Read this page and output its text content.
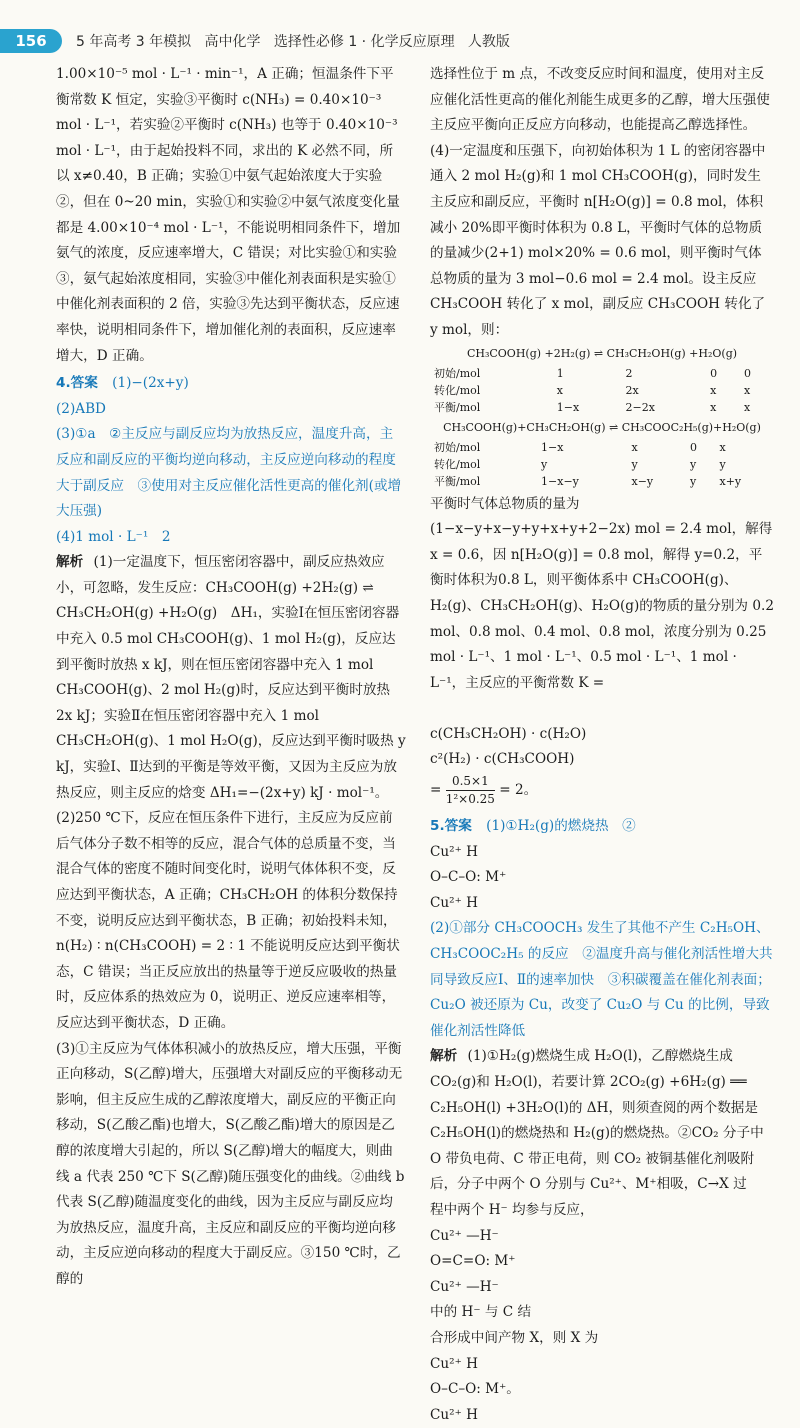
156	5 年高考 3 年模拟   高中化学   选择性必修 1 · 化学反应原理   人教版

1.00×10⁻⁵ mol · L⁻¹ · min⁻¹，A 正确；恒温条件下平衡常数 K 恒定，实验③平衡时 c(NH₃) = 0.40×10⁻³ mol · L⁻¹，若实验②平衡时 c(NH₃) 也等于 0.40×10⁻³ mol · L⁻¹，由于起始投料不同，求出的 K 必然不同，所以 x≠0.40，B 正确；实验①中氨气起始浓度大于实验②，但在 0~20 min，实验①和实验②中氨气浓度变化量都是 4.00×10⁻⁴ mol · L⁻¹，不能说明相同条件下，增加氨气的浓度，反应速率增大，C 错误；对比实验①和实验③，氨气起始浓度相同，实验③中催化剂表面积是实验①中催化剂表面积的 2 倍，实验③先达到平衡状态，反应速率快，说明相同条件下，增加催化剂的表面积，反应速率增大，D 正确。

4.答案 (1)−(2x+y)

(2)ABD

(3)①a　②主反应与副反应均为放热反应，温度升高，主反应和副反应的平衡均逆向移动，主反应逆向移动的程度大于副反应　③使用对主反应催化活性更高的催化剂(或增大压强)

(4)1 mol · L⁻¹　2

解析 (1)一定温度下，恒压密闭容器中，副反应热效应小，可忽略，发生反应：CH₃COOH(g) +2H₂(g) ⇌ CH₃CH₂OH(g) +H₂O(g)　ΔH₁，实验Ⅰ在恒压密闭容器中充入 0.5 mol CH₃COOH(g)、1 mol H₂(g)，反应达到平衡时放热 x kJ，则在恒压密闭容器中充入 1 mol CH₃COOH(g)、2 mol H₂(g)时，反应达到平衡时放热 2x kJ；实验Ⅱ在恒压密闭容器中充入 1 mol CH₃CH₂OH(g)、1 mol H₂O(g)，反应达到平衡时吸热 y kJ，实验Ⅰ、Ⅱ达到的平衡是等效平衡，又因为主反应为放热反应，则主反应的焓变 ΔH₁=−(2x+y) kJ · mol⁻¹。

(2)250 ℃下，反应在恒压条件下进行，主反应为反应前后气体分子数不相等的反应，混合气体的总质量不变，当混合气体的密度不随时间变化时，说明气体体积不变，反应达到平衡状态，A 正确；CH₃CH₂OH 的体积分数保持不变，说明反应达到平衡状态，B 正确；初始投料未知，n(H₂) ∶ n(CH₃COOH) = 2 ∶ 1 不能说明反应达到平衡状态，C 错误；当正反应放出的热量等于逆反应吸收的热量时，反应体系的热效应为 0，说明正、逆反应速率相等，反应达到平衡状态，D 正确。

(3)①主反应为气体体积减小的放热反应，增大压强，平衡正向移动，S(乙醇)增大，压强增大对副反应的平衡移动无影响，但主反应生成的乙醇浓度增大，副反应的平衡正向移动，S(乙酸乙酯)也增大，S(乙酸乙酯)增大的原因是乙醇的浓度增大引起的，所以 S(乙醇)增大的幅度大，则曲线 a 代表 250 ℃下 S(乙醇)随压强变化的曲线。②曲线 b 代表 S(乙醇)随温度变化的曲线，因为主反应与副反应均为放热反应，温度升高，主反应和副反应的平衡均逆向移动，主反应逆向移动的程度大于副反应。③150 ℃时，乙醇的

选择性位于 m 点，不改变反应时间和温度，使用对主反应催化活性更高的催化剂能生成更多的乙醇，增大压强使主反应平衡向正反应方向移动，也能提高乙醇选择性。

(4)一定温度和压强下，向初始体积为 1 L 的密闭容器中通入 2 mol H₂(g)和 1 mol CH₃COOH(g)，同时发生主反应和副反应，平衡时 n[H₂O(g)] = 0.8 mol，体积减小 20%即平衡时体积为 0.8 L，平衡时气体的总物质的量减少(2+1) mol×20% = 0.6 mol，则平衡时气体总物质的量为 3 mol−0.6 mol = 2.4 mol。设主反应 CH₃COOH 转化了 x mol，副反应 CH₃COOH 转化了 y mol，则：

CH₃COOH(g) +2H₂(g) ⇌ CH₃CH₂OH(g) +H₂O(g)
初始/mol	1	2	0	0
转化/mol	x	2x	x	x
平衡/mol	1−x	2−2x	x	x
CH₃COOH(g)+CH₃CH₂OH(g) ⇌ CH₃COOC₂H₅(g)+H₂O(g)
初始/mol	1−x	x	0	x
转化/mol	y	y	y	y
平衡/mol	1−x−y	x−y	y	x+y

平衡时气体总物质的量为(1−x−y+x−y+y+x+y+2−2x) mol = 2.4 mol，解得 x = 0.6，因 n[H₂O(g)] = 0.8 mol，解得 y=0.2，平衡时体积为0.8 L，则平衡体系中 CH₃COOH(g)、H₂(g)、CH₃CH₂OH(g)、H₂O(g)的物质的量分别为 0.2 mol、0.8 mol、0.4 mol、0.8 mol，浓度分别为 0.25 mol · L⁻¹、1 mol · L⁻¹、0.5 mol · L⁻¹、1 mol · L⁻¹，主反应的平衡常数 K =

c(CH₃CH₂OH) · c(H₂O)
c²(H₂) · c(CH₃COOH)
= $\frac{0.5\times 1}{\text{1²×0.25}} = 2$。

5.答案 (1)①H₂(g)的燃烧热　②

Cu²⁺ H
O–C–O: M⁺
Cu²⁺ H

(2)①部分 CH₃COOCH₃ 发生了其他不产生 C₂H₅OH、CH₃COOC₂H₅ 的反应　②温度升高与催化剂活性增大共同导致反应Ⅰ、Ⅱ的速率加快　③积碳覆盖在催化剂表面；Cu₂O 被还原为 Cu，改变了 Cu₂O 与 Cu 的比例，导致催化剂活性降低

解析 (1)①H₂(g)燃烧生成 H₂O(l)，乙醇燃烧生成 CO₂(g)和 H₂O(l)，若要计算 2CO₂(g) +6H₂(g) ══ C₂H₅OH(l) +3H₂O(l)的 ΔH，则须查阅的两个数据是 C₂H₅OH(l)的燃烧热和 H₂(g)的燃烧热。②CO₂ 分子中 O 带负电荷、C 带正电荷，则 CO₂ 被铜基催化剂吸附后，分子中两个 O 分别与 Cu²⁺、M⁺相吸，C→X 过

程中两个 H⁻ 均参与反应，

Cu²⁺ —H⁻
O=C=O: M⁺
Cu²⁺ —H⁻
中的 H⁻ 与 C 结

合形成中间产物 X，则 X 为

Cu²⁺ H
O–C–O: M⁺。
Cu²⁺ H
